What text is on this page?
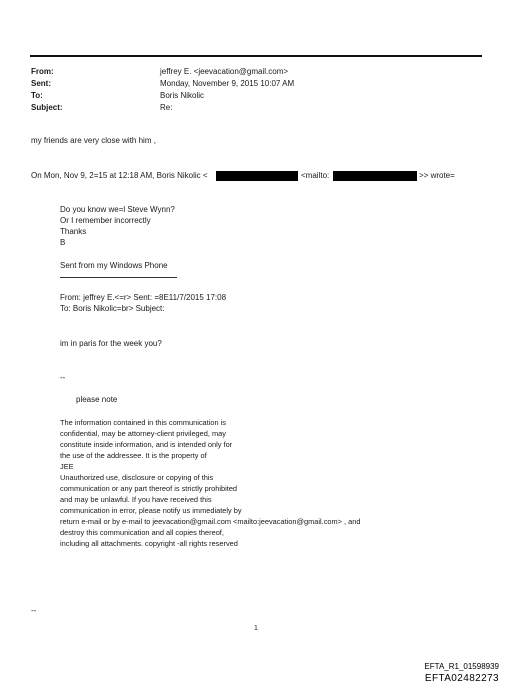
From:	jeffrey E. <jeevacation@gmail.com>
Sent:	Monday, November 9, 2015 10:07 AM
To:	Boris Nikolic
Subject:	Re:
my friends are very close with him ,
On Mon, Nov 9, 2=15 at 12:18 AM, Boris Nikolic <	<mailto:	>> wrote=
Do you know we=l Steve Wynn?
Or I remember incorrectly
Thanks
B
Sent from my Windows Phone
From: jeffrey E.<=r> Sent: =8E11/7/2015 17:08
To: Boris Nikolic=br> Subject:
im in paris for the week you?
--
please note
The information contained in this communication is
confidential, may be attorney-client privileged, may
constitute inside information, and is intended only for
the use of the addressee. It is the property of
JEE
Unauthorized use, disclosure or copying of this
communication or any part thereof is strictly prohibited
and may be unlawful. If you have received this
communication in error, please notify us immediately by
return e-mail or by e-mail to jeevacation@gmail.com <mailto:jeevacation@gmail.com> , and
destroy this communication and all copies thereof,
including all attachments. copyright -all rights reserved
--
1
EFTA_R1_01598939
EFTA02482273
